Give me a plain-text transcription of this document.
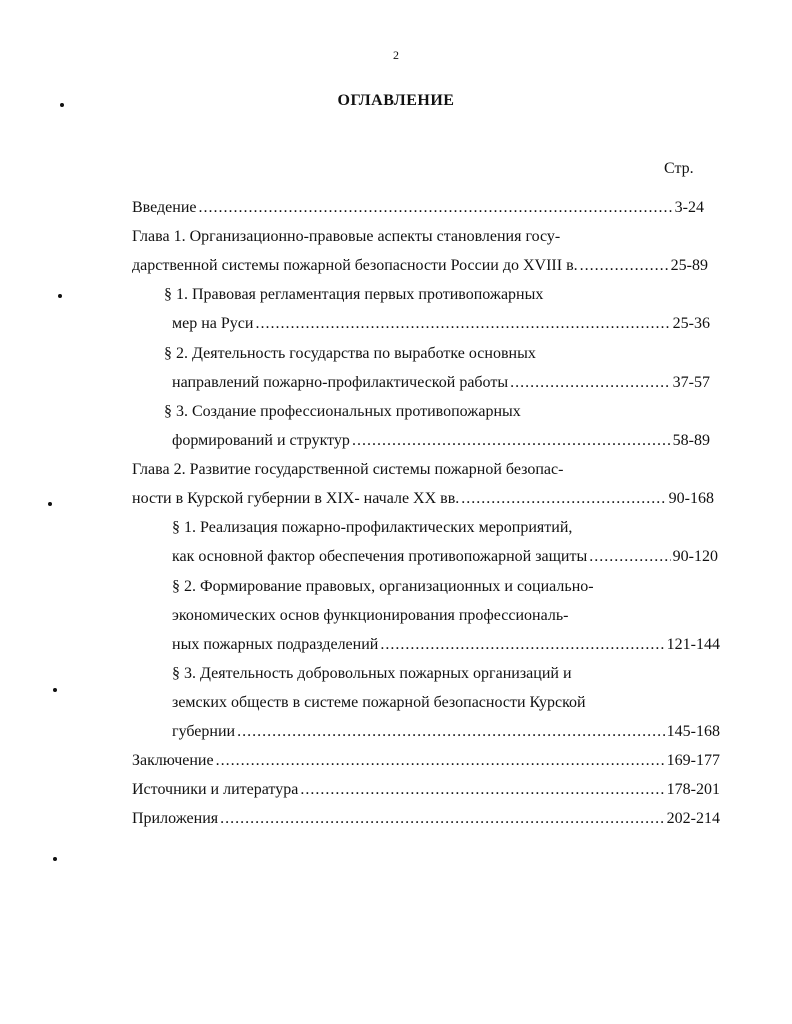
2
ОГЛАВЛЕНИЕ
Стр.
Введение .....	3-24
Глава 1. Организационно-правовые аспекты становления госу-
дарственной системы пожарной безопасности России до XVIII в. .....	25-89
§ 1. Правовая регламентация первых противопожарных
мер на Руси .....	25-36
§ 2. Деятельность государства по выработке основных
направлений пожарно-профилактической работы .....	37-57
§ 3. Создание профессиональных противопожарных
формирований и структур .....	58-89
Глава 2. Развитие государственной системы пожарной безопас-
ности в Курской губернии в XIX- начале XX вв. .....	90-168
§ 1. Реализация пожарно-профилактических мероприятий,
как основной фактор обеспечения противопожарной защиты .....	90-120
§ 2. Формирование правовых, организационных и социально-
экономических основ функционирования профессиональ-
ных пожарных подразделений .....	121-144
§ 3. Деятельность добровольных пожарных организаций и
земских обществ в системе пожарной безопасности Курской
губернии .....	145-168
Заключение .....	169-177
Источники и литература .....	178-201
Приложения .....	202-214
